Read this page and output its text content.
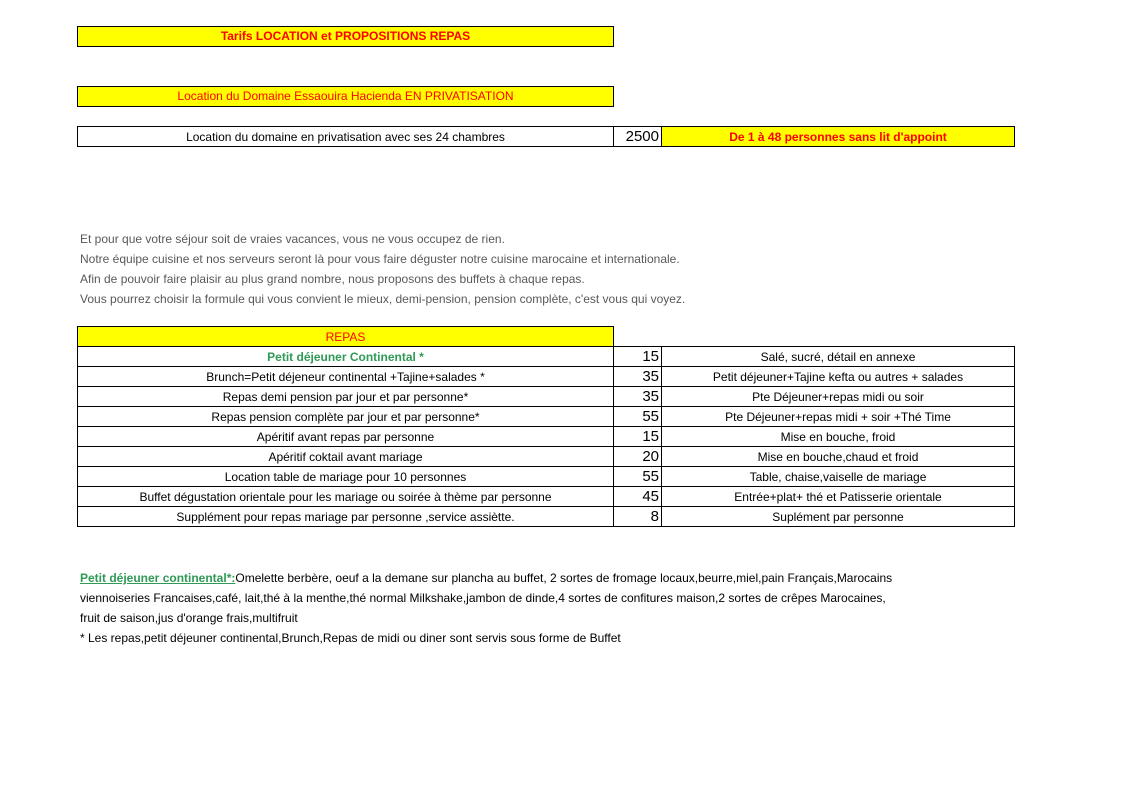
Tarifs LOCATION et PROPOSITIONS REPAS
Location du Domaine Essaouira Hacienda EN PRIVATISATION
Location du domaine en privatisation avec ses 24 chambres	2500	De 1 à 48 personnes sans lit d'appoint
Et pour que votre séjour soit de vraies vacances, vous ne vous occupez de rien.
Notre équipe cuisine et nos serveurs seront là pour vous faire déguster notre cuisine marocaine et internationale.
Afin de pouvoir faire plaisir au plus grand nombre, nous proposons des buffets à chaque repas.
Vous pourrez choisir la formule qui vous convient le mieux, demi-pension, pension complète, c'est vous qui voyez.
REPAS		
Petit déjeuner Continental *	15	Salé, sucré, détail en annexe
Brunch=Petit déjeneur continental +Tajine+salades *	35	Petit déjeuner+Tajine kefta ou autres + salades
Repas demi pension par jour et par personne*	35	Pte Déjeuner+repas midi ou soir
Repas pension complète par jour et par personne*	55	Pte Déjeuner+repas midi + soir +Thé Time
Apéritif avant repas par personne	15	Mise en bouche, froid
Apéritif coktail avant mariage	20	Mise en bouche,chaud et froid
Location table de mariage pour 10 personnes	55	Table, chaise,vaiselle de mariage
Buffet dégustation orientale pour les mariage ou soirée à thème par personne	45	Entrée+plat+ thé et Patisserie orientale
Supplément pour repas mariage par personne ,service assiètte.	8	Suplément par personne
Petit déjeuner continental*:Omelette berbère, oeuf a la demane sur plancha au buffet, 2 sortes de fromage locaux,beurre,miel,pain Français,Marocains
viennoiseries Francaises,café, lait,thé à la menthe,thé normal Milkshake,jambon de dinde,4 sortes de confitures maison,2 sortes de crêpes Marocaines,
fruit de saison,jus d'orange frais,multifruit
* Les repas,petit déjeuner continental,Brunch,Repas de midi ou diner sont servis sous forme de Buffet
